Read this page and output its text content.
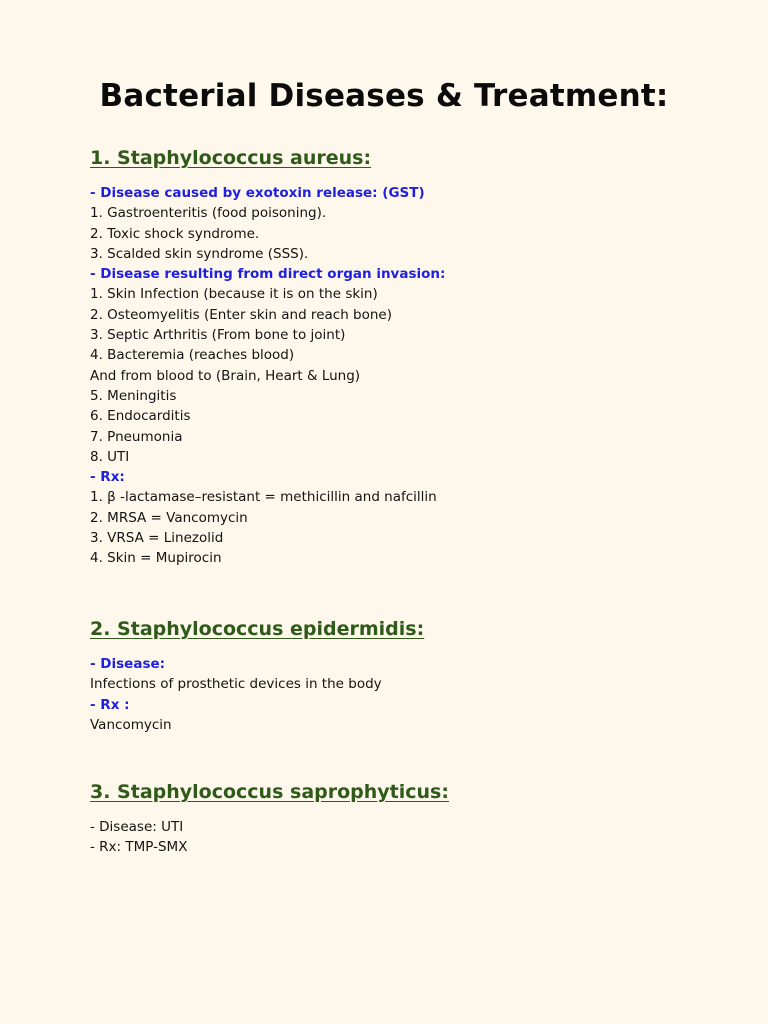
Bacterial Diseases & Treatment:
1. Staphylococcus aureus:
- Disease caused by exotoxin release: (GST)
1. Gastroenteritis (food poisoning).
2. Toxic shock syndrome.
3. Scalded skin syndrome (SSS).
- Disease resulting from direct organ invasion:
1. Skin Infection (because it is on the skin)
2. Osteomyelitis (Enter skin and reach bone)
3. Septic Arthritis (From bone to joint)
4. Bacteremia (reaches blood)
And from blood to (Brain, Heart & Lung)
5. Meningitis
6. Endocarditis
7. Pneumonia
8. UTI
- Rx:
1. β -lactamase–resistant = methicillin and nafcillin
2. MRSA = Vancomycin
3. VRSA = Linezolid
4. Skin = Mupirocin
2. Staphylococcus epidermidis:
- Disease:
Infections of prosthetic devices in the body
- Rx :
Vancomycin
3. Staphylococcus saprophyticus:
- Disease: UTI
- Rx: TMP-SMX
